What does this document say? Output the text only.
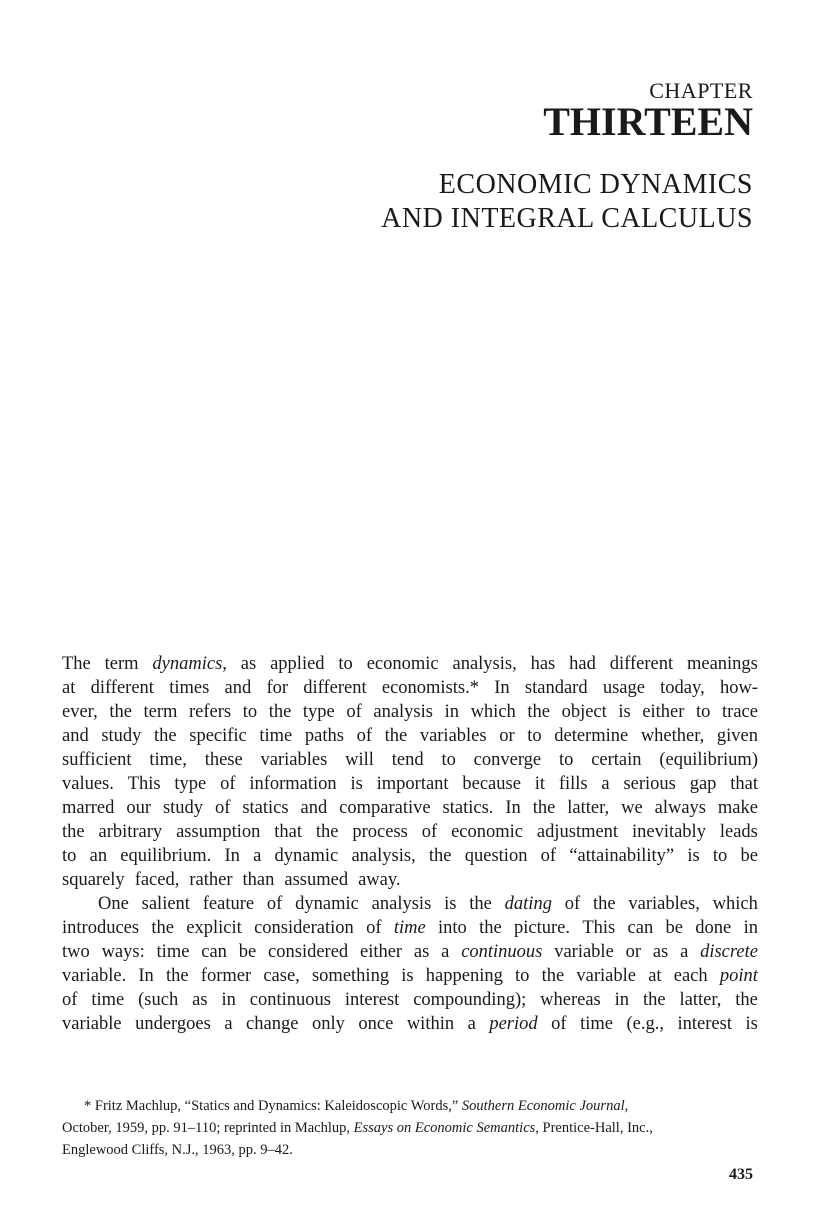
CHAPTER
THIRTEEN
ECONOMIC DYNAMICS
AND INTEGRAL CALCULUS
The term dynamics, as applied to economic analysis, has had different meanings
at different times and for different economists.* In standard usage today, how-
ever, the term refers to the type of analysis in which the object is either to trace
and study the specific time paths of the variables or to determine whether, given
sufficient time, these variables will tend to converge to certain (equilibrium)
values. This type of information is important because it fills a serious gap that
marred our study of statics and comparative statics. In the latter, we always make
the arbitrary assumption that the process of economic adjustment inevitably leads
to an equilibrium. In a dynamic analysis, the question of “attainability” is to be
squarely faced, rather than assumed away.
One salient feature of dynamic analysis is the dating of the variables, which
introduces the explicit consideration of time into the picture. This can be done in
two ways: time can be considered either as a continuous variable or as a discrete
variable. In the former case, something is happening to the variable at each point
of time (such as in continuous interest compounding); whereas in the latter, the
variable undergoes a change only once within a period of time (e.g., interest is
* Fritz Machlup, “Statics and Dynamics: Kaleidoscopic Words,” Southern Economic Journal,
October, 1959, pp. 91–110; reprinted in Machlup, Essays on Economic Semantics, Prentice-Hall, Inc.,
Englewood Cliffs, N.J., 1963, pp. 9–42.
435
